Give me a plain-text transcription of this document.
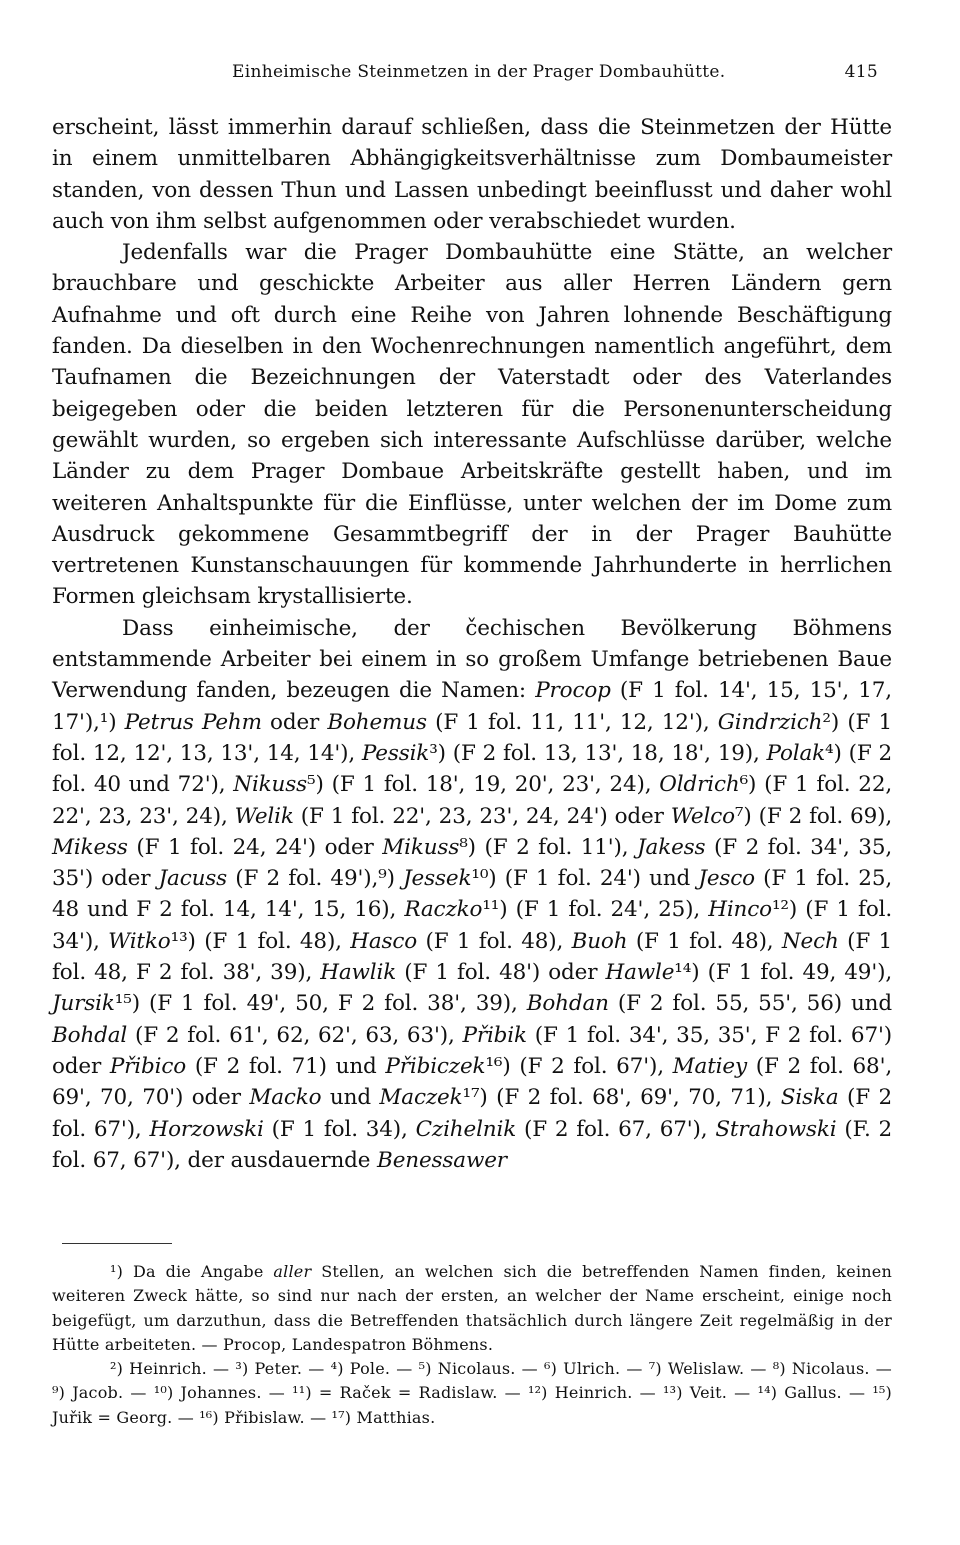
Einheimische Steinmetzen in der Prager Dombauhütte.	415

erscheint, lässt immerhin darauf schließen, dass die Steinmetzen der Hütte in einem unmittelbaren Abhängigkeitsverhältnisse zum Dombaumeister standen, von dessen Thun und Lassen unbedingt beeinflusst und daher wohl auch von ihm selbst aufgenommen oder verabschiedet wurden.

Jedenfalls war die Prager Dombauhütte eine Stätte, an welcher brauchbare und geschickte Arbeiter aus aller Herren Ländern gern Aufnahme und oft durch eine Reihe von Jahren lohnende Beschäftigung fanden. Da dieselben in den Wochenrechnungen namentlich angeführt, dem Taufnamen die Bezeichnungen der Vaterstadt oder des Vaterlandes beigegeben oder die beiden letzteren für die Personenunterscheidung gewählt wurden, so ergeben sich interessante Aufschlüsse darüber, welche Länder zu dem Prager Dombaue Arbeitskräfte gestellt haben, und im weiteren Anhaltspunkte für die Einflüsse, unter welchen der im Dome zum Ausdruck gekommene Gesammtbegriff der in der Prager Bauhütte vertretenen Kunstanschauungen für kommende Jahrhunderte in herrlichen Formen gleichsam krystallisierte.

Dass einheimische, der čechischen Bevölkerung Böhmens entstammende Arbeiter bei einem in so großem Umfange betriebenen Baue Verwendung fanden, bezeugen die Namen: Procop (F 1 fol. 14', 15, 15', 17, 17'),¹) Petrus Pehm oder Bohemus (F 1 fol. 11, 11', 12, 12'), Gindrzich²) (F 1 fol. 12, 12', 13, 13', 14, 14'), Pessik³) (F 2 fol. 13, 13', 18, 18', 19), Polak⁴) (F 2 fol. 40 und 72'), Nikuss⁵) (F 1 fol. 18', 19, 20', 23', 24), Oldrich⁶) (F 1 fol. 22, 22', 23, 23', 24), Welik (F 1 fol. 22', 23, 23', 24, 24') oder Welco⁷) (F 2 fol. 69), Mikess (F 1 fol. 24, 24') oder Mikuss⁸) (F 2 fol. 11'), Jakess (F 2 fol. 34', 35, 35') oder Jacuss (F 2 fol. 49'),⁹) Jessek¹⁰) (F 1 fol. 24') und Jesco (F 1 fol. 25, 48 und F 2 fol. 14, 14', 15, 16), Raczko¹¹) (F 1 fol. 24', 25), Hinco¹²) (F 1 fol. 34'), Witko¹³) (F 1 fol. 48), Hasco (F 1 fol. 48), Buoh (F 1 fol. 48), Nech (F 1 fol. 48, F 2 fol. 38', 39), Hawlik (F 1 fol. 48') oder Hawle¹⁴) (F 1 fol. 49, 49'), Jursik¹⁵) (F 1 fol. 49', 50, F 2 fol. 38', 39), Bohdan (F 2 fol. 55, 55', 56) und Bohdal (F 2 fol. 61', 62, 62', 63, 63'), Přibik (F 1 fol. 34', 35, 35', F 2 fol. 67') oder Přibico (F 2 fol. 71) und Přibiczek¹⁶) (F 2 fol. 67'), Matiey (F 2 fol. 68', 69', 70, 70') oder Macko und Maczek¹⁷) (F 2 fol. 68', 69', 70, 71), Siska (F 2 fol. 67'), Horzowski (F 1 fol. 34), Czihelnik (F 2 fol. 67, 67'), Strahowski (F. 2 fol. 67, 67'), der ausdauernde Benessawer

¹) Da die Angabe aller Stellen, an welchen sich die betreffenden Namen finden, keinen weiteren Zweck hätte, so sind nur nach der ersten, an welcher der Name erscheint, einige noch beigefügt, um darzuthun, dass die Betreffenden thatsächlich durch längere Zeit regelmäßig in der Hütte arbeiteten. — Procop, Landespatron Böhmens.

²) Heinrich. — ³) Peter. — ⁴) Pole. — ⁵) Nicolaus. — ⁶) Ulrich. — ⁷) Welislaw. — ⁸) Nicolaus. — ⁹) Jacob. — ¹⁰) Johannes. — ¹¹) = Raček = Radislaw. — ¹²) Heinrich. — ¹³) Veit. — ¹⁴) Gallus. — ¹⁵) Juřik = Georg. — ¹⁶) Přibislaw. — ¹⁷) Matthias.
